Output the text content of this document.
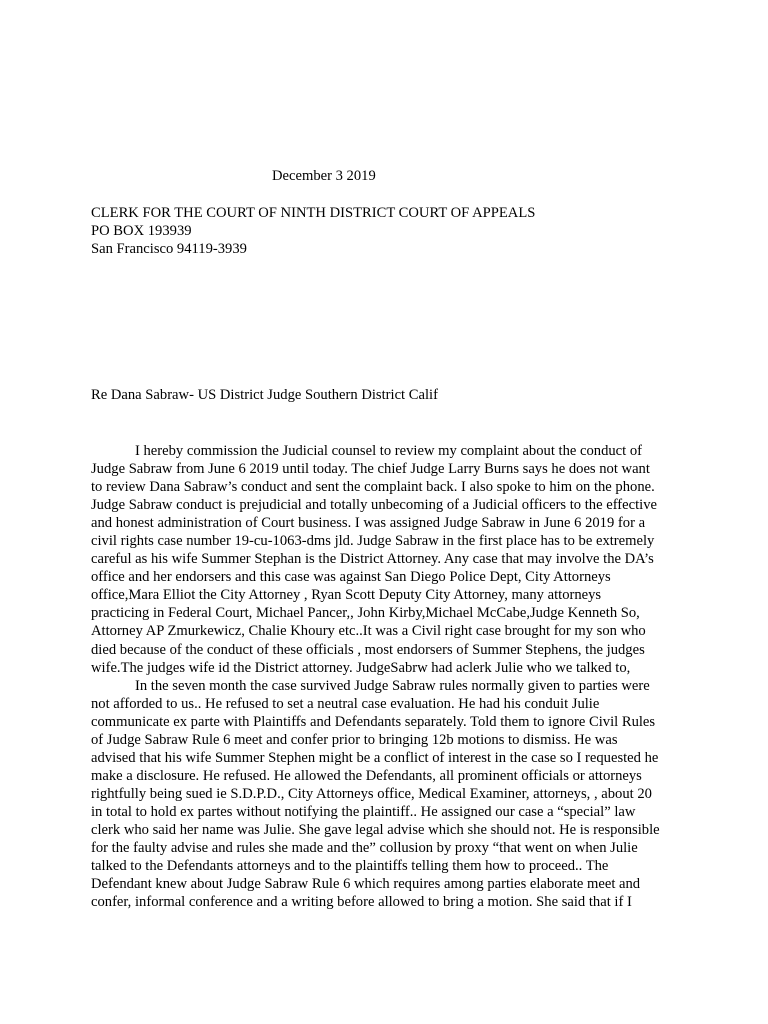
December 3 2019
CLERK FOR THE COURT OF NINTH DISTRICT COURT OF APPEALS
PO BOX 193939
San Francisco 94119-3939
Re Dana Sabraw- US District Judge Southern District Calif
I hereby commission the Judicial counsel to review my complaint about the conduct of
Judge Sabraw from June 6 2019 until today. The chief Judge Larry Burns says he does not want
to review Dana Sabraw’s conduct and sent the complaint back. I also spoke to him on the phone.
Judge Sabraw conduct is prejudicial and totally unbecoming of a Judicial officers to the effective
and honest administration of Court business. I was assigned Judge Sabraw in June 6 2019 for a
civil rights case number 19-cu-1063-dms jld. Judge Sabraw in the first place has to be extremely
careful as his wife Summer Stephan is the District Attorney. Any case that may involve the DA’s
office and her endorsers and this case was against San Diego Police Dept, City Attorneys
office,Mara Elliot the City Attorney , Ryan Scott Deputy City Attorney, many attorneys
practicing in Federal Court, Michael Pancer,, John Kirby,Michael McCabe,Judge Kenneth So,
Attorney AP Zmurkewicz, Chalie Khoury etc..It was a Civil right case brought for my son who
died because of the conduct of these officials , most endorsers of Summer Stephens, the judges
wife.The judges wife id the District attorney. JudgeSabrw had aclerk Julie who we talked to,
In the seven month the case survived Judge Sabraw rules normally given to parties were
not afforded to us.. He refused to set a neutral case evaluation. He had his conduit Julie
communicate ex parte with Plaintiffs and Defendants separately. Told them to ignore Civil Rules
of Judge Sabraw Rule 6 meet and confer prior to bringing 12b motions to dismiss. He was
advised that his wife Summer Stephen might be a conflict of interest in the case so I requested he
make a disclosure. He refused. He allowed the Defendants, all prominent officials or attorneys
rightfully being sued ie S.D.P.D., City Attorneys office, Medical Examiner, attorneys, , about 20
in total to hold ex partes without notifying the plaintiff.. He assigned our case a “special” law
clerk who said her name was Julie. She gave legal advise which she should not. He is responsible
for the faulty advise and rules she made and the” collusion by proxy “that went on when Julie
talked to the Defendants attorneys and to the plaintiffs telling them how to proceed.. The
Defendant knew about Judge Sabraw Rule 6 which requires among parties elaborate meet and
confer, informal conference and a writing before allowed to bring a motion. She said that if I
